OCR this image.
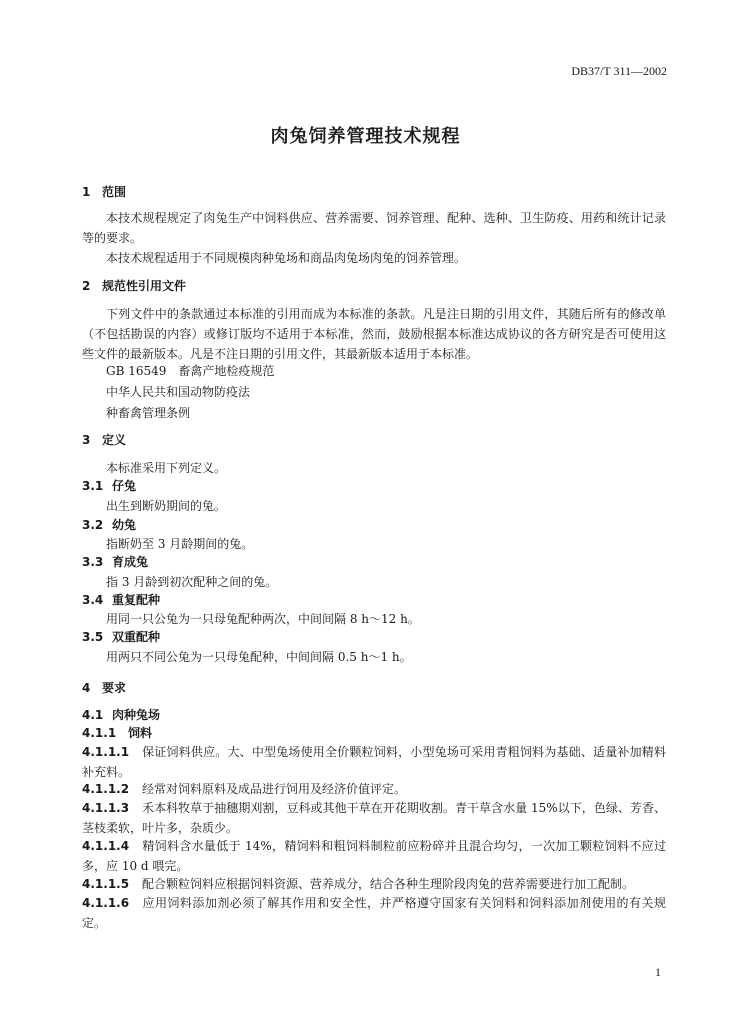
DB37/T 311—2002
肉兔饲养管理技术规程
1 范围
本技术规程规定了肉兔生产中饲料供应、营养需要、饲养管理、配种、选种、卫生防疫、用药和统计记录等的要求。
本技术规程适用于不同规模肉种兔场和商品肉兔场肉兔的饲养管理。
2 规范性引用文件
下列文件中的条款通过本标准的引用而成为本标准的条款。凡是注日期的引用文件，其随后所有的修改单（不包括勘误的内容）或修订版均不适用于本标准，然而，鼓励根据本标准达成协议的各方研究是否可使用这些文件的最新版本。凡是不注日期的引用文件，其最新版本适用于本标准。
GB 16549　畜禽产地检疫规范
中华人民共和国动物防疫法
种畜禽管理条例
3 定义
本标准采用下列定义。
3.1 仔兔
出生到断奶期间的兔。
3.2 幼兔
指断奶至 3 月龄期间的兔。
3.3 育成兔
指 3 月龄到初次配种之间的兔。
3.4 重复配种
用同一只公兔为一只母兔配种两次，中间间隔 8 h～12 h。
3.5 双重配种
用两只不同公兔为一只母兔配种，中间间隔 0.5 h～1 h。
4 要求
4.1 肉种兔场
4.1.1 饲料
4.1.1.1 保证饲料供应。大、中型兔场使用全价颗粒饲料，小型兔场可采用青粗饲料为基础、适量补加精料补充料。
4.1.1.2 经常对饲料原料及成品进行饲用及经济价值评定。
4.1.1.3 禾本科牧草于抽穗期刈割，豆科或其他干草在开花期收割。青干草含水量 15%以下，色绿、芳香、茎枝柔软，叶片多，杂质少。
4.1.1.4 精饲料含水量低于 14%，精饲料和粗饲料制粒前应粉碎并且混合均匀，一次加工颗粒饲料不应过多，应 10 d 喂完。
4.1.1.5 配合颗粒饲料应根据饲料资源、营养成分，结合各种生理阶段肉兔的营养需要进行加工配制。
4.1.1.6 应用饲料添加剂必须了解其作用和安全性，并严格遵守国家有关饲料和饲料添加剂使用的有关规定。
1
